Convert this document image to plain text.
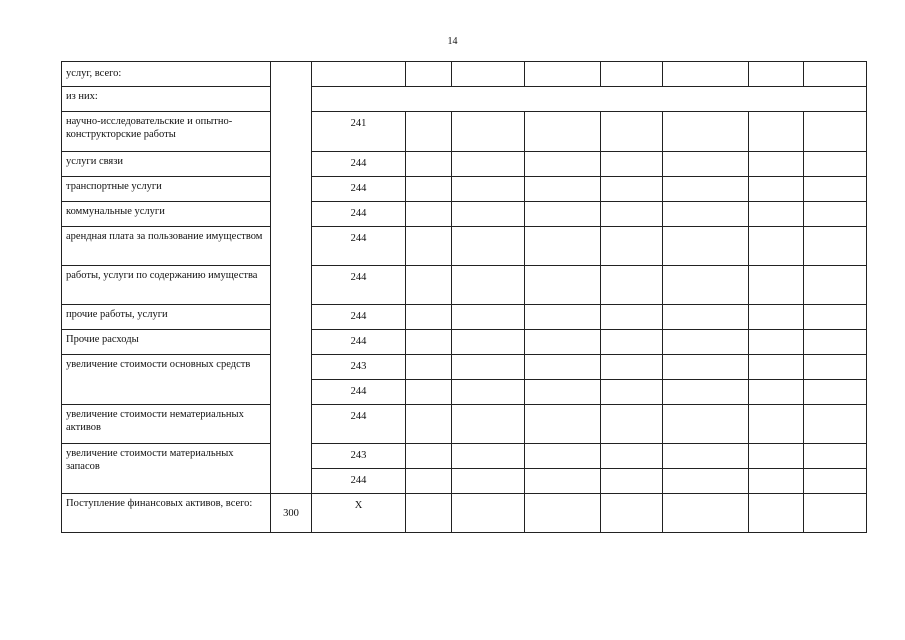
14
услуг, всего:									
из них:									
научно-исследовательские и опытно-конструкторские работы		241							
услуги связи		244							
транспортные услуги		244							
коммунальные услуги		244							
арендная плата за пользование имуществом		244							
работы, услуги по содержанию имущества		244							
прочие работы, услуги		244							
Прочие расходы		244							
увеличение стоимости основных средств		243							
		244							
увеличение стоимости нематериальных активов		244							
увеличение стоимости материальных запасов		243							
		244							
Поступление финансовых активов, всего:	300	X							
